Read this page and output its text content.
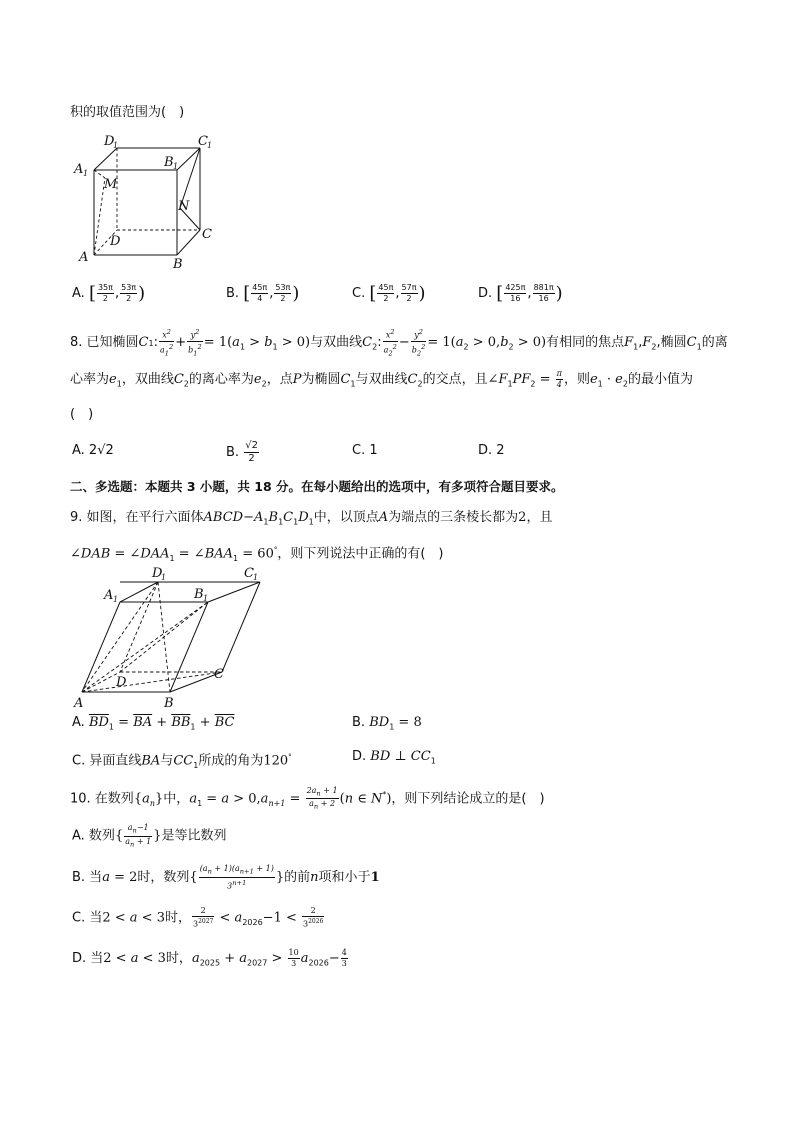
积的取值范围为(　)
D
1	C 1
A 1
B 1
M
N
A
D
B
C
A. [ $\frac{35\pi}{2}$ , $\frac{53\pi}{2}$ )	B. [ $\frac{45\pi}{4}$ , $\frac{53\pi}{2}$ )	C. [ $\frac{45\pi}{2}$ , $\frac{57\pi}{2}$ )	D. [ $\frac{425\pi}{16}$ , $\frac{881\pi}{16}$ )
8. 已知椭圆C1: $\frac{x^2}{a_1^2} + \frac{y^2}{b_1^2} = 1(a_1 > b_1 > 0)$与双曲线$C_2$: $\frac{x^2}{a_2^2} - \frac{y^2}{b_2^2} = 1(a_2 > 0,b_2 > 0)$有相同的焦点$F_1,F_2$,椭圆$C_1$的离
心率为$e_1$，双曲线$C_2$的离心率为$e_2$，点P为椭圆$C_1$与双曲线$C_2$的交点，且$\angle F_1PF_2 = \frac{\pi}{4}$ ，则$e_1 \cdot e_2$的最小值为
(　)
A. 2√2	B. $\frac{√2}{2}$	C. 1	D. 2
二、多选题：本题共 3 小题，共 18 分。在每小题给出的选项中，有多项符合题目要求。
9. 如图，在平行六面体$ABCD-A_1B_1C_1D_1$中，以顶点A为端点的三条棱长都为2，且
∠DAB = $\angle DAA_1$ = $\angle BAA_1 = 60^\circ$，则下列说法中正确的有(　)
D
1	C 1
A 1	B 1
D
C
A	B
A. $\overline{BD}_1 = \overline{BA} + \overline{BB}_1 + \overline{BC}$	B. $BD_1 = 8$
C. 异面直线BA与$CC_1$所成的角为120°	D. BD ⊥ $CC_1$
10. 在数列$\{a_n\}$中，$a_1 = a > 0,a_{n+1} = \frac{2a_n + 1}{a_n + 2} (n$ ∈ N*)，则下列结论成立的是(　)
A. 数列{ $\frac{a_n-1}{a_n + 1}$ }是等比数列
B. 当a = 2时，数列{ $\frac{(a_n + 1)(a_{n+1} + 1)}{3^{n+1}}$ }的前n项和小于1
C. 当2 < a < 3时， $\frac{2}{3^{2027}} < a_{2026}-1 < \frac{2}{3^{2026}}$
D. 当2 < a < 3时，$a_{2025} + a_{2027} > \frac{10}{3} a_{2026}- \frac{4}{3}$
